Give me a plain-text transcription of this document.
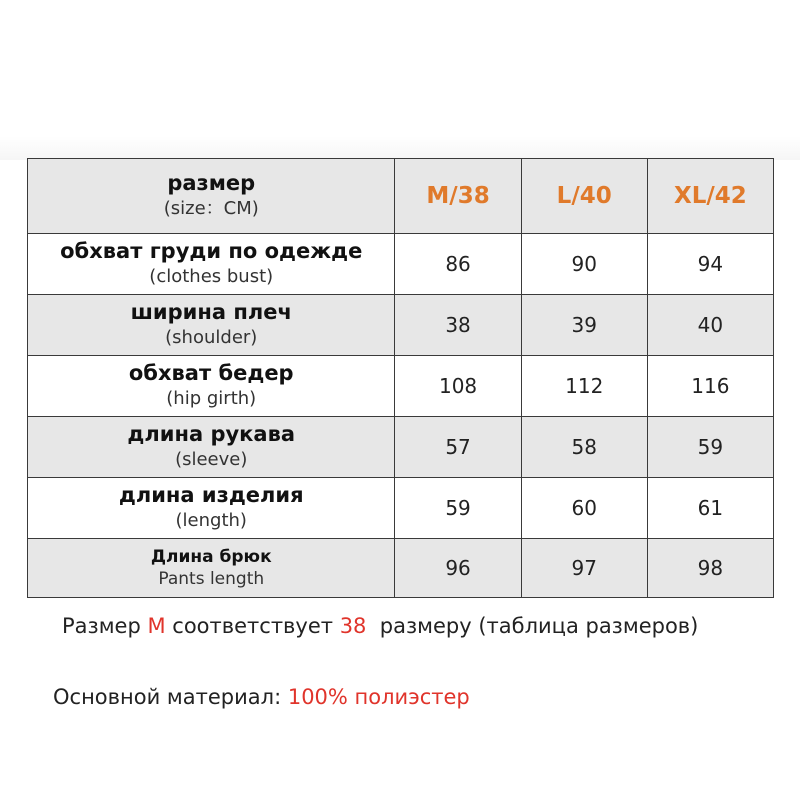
размер
(size：CM)	M/38	L/40	XL/42

обхват груди по одежде
(clothes bust)	86	90	94

ширина плеч
(shoulder)	38	39	40

обхват бедер
(hip girth)	108	112	116

длина рукава
(sleeve)	57	58	59

длина изделия
(length)	59	60	61

Длина брюк
Pants length	96	97	98
Размер M соответствует 38  размеру (таблица размеров)
Основной материал: 100% полиэстер
